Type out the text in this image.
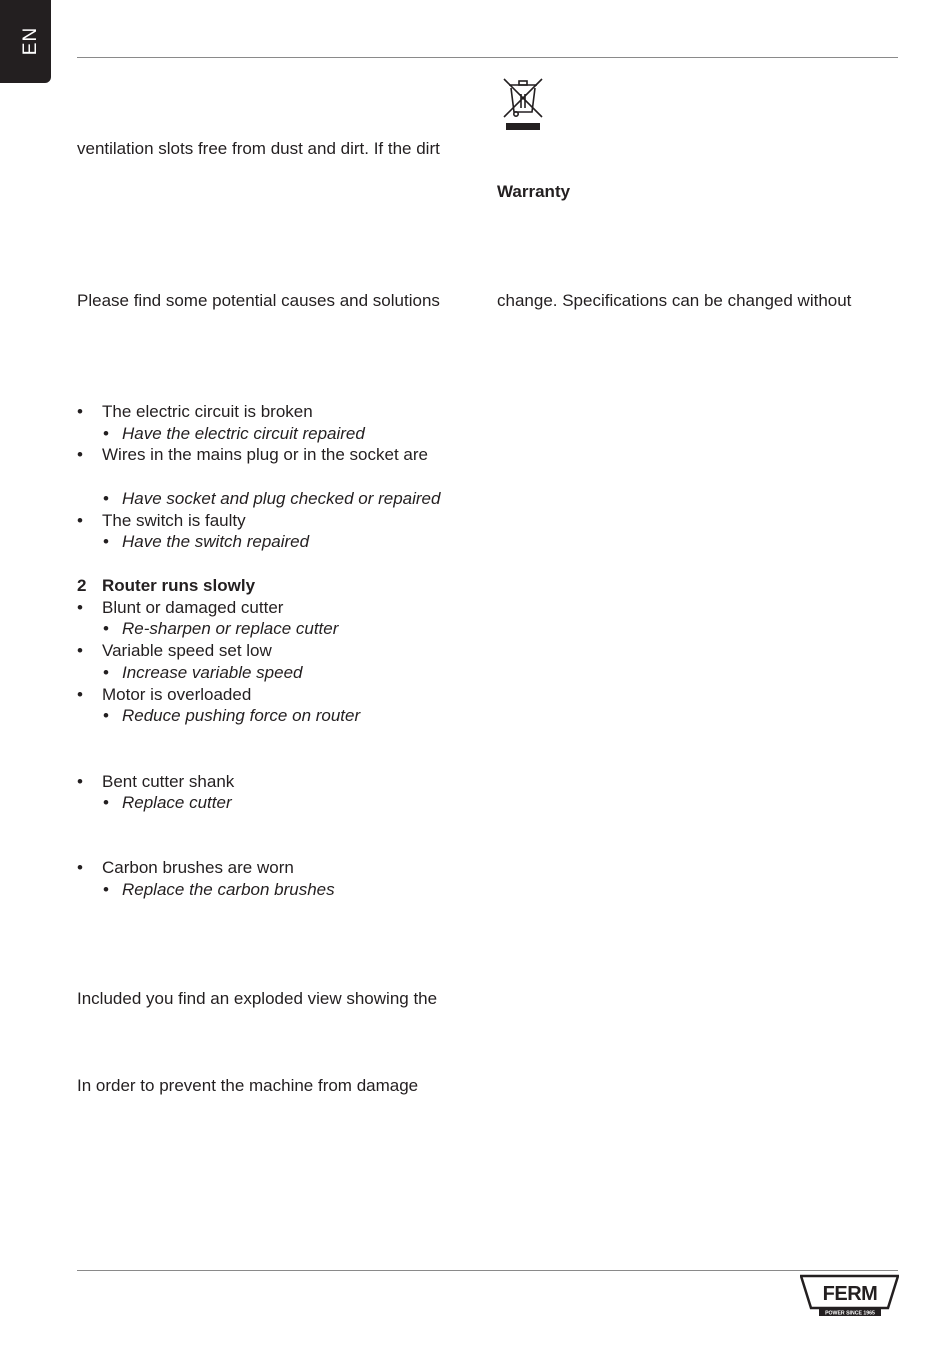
EN
ventilation slots free from dust and dirt. If the dirt
Please find some potential causes and solutions
• The electric circuit is broken
• Have the electric circuit repaired
• Wires in the mains plug or in the socket are
• Have socket and plug checked or repaired
• The switch is faulty
• Have the switch repaired
2 Router runs slowly
• Blunt or damaged cutter
• Re-sharpen or replace cutter
• Variable speed set low
• Increase variable speed
• Motor is overloaded
• Reduce pushing force on router
• Bent cutter shank
• Replace cutter
• Carbon brushes are worn
• Replace the carbon brushes
Included you find an exploded view showing the
In order to prevent the machine from damage
Warranty
change. Specifications can be changed without
FERM
POWER SINCE 1965
